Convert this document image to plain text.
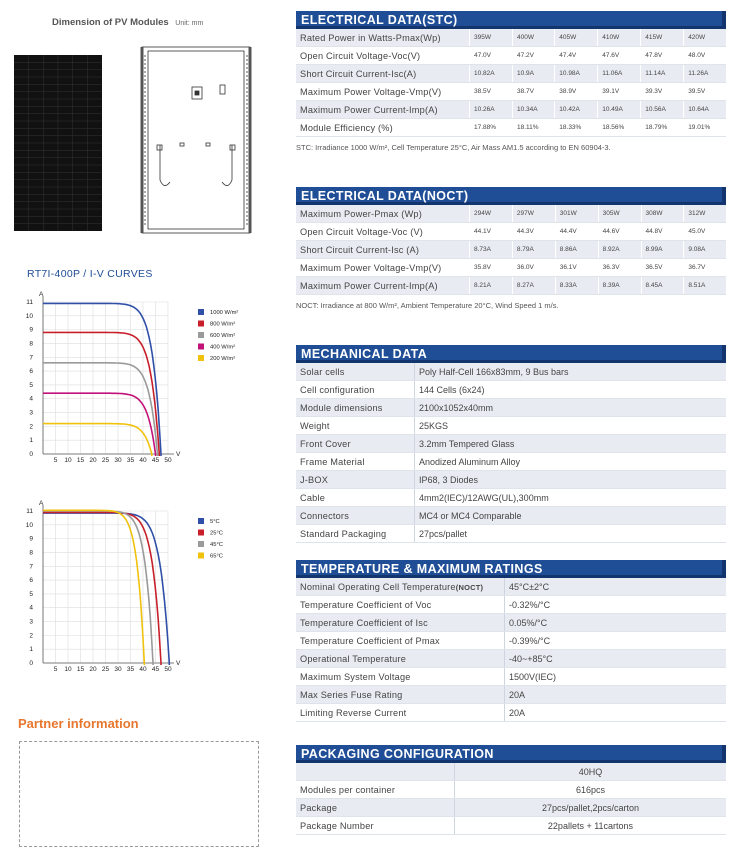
Dimension of PV Modules Unit: mm
RT7I-400P / I-V CURVES
0
1
2
3
4
5
6
7
8
9
10
11
5 10 15 20 25 30 35 40 45 50
A
V
1000 W/m²
800 W/m²
600 W/m²
400 W/m²
200 W/m²
0
1
2
3
4
5
6
7
8
9
10
11
5 10 15 20 25 30 35 40 45 50
A
V
5°C
25°C
45°C
65°C
Partner information
ELECTRICAL DATA(STC)
Rated Power in Watts-Pmax(Wp)	395W	400W	405W	410W	415W	420W
Open Circuit Voltage-Voc(V)	47.0V	47.2V	47.4V	47.6V	47.8V	48.0V
Short Circuit Current-Isc(A)	10.82A	10.9A	10.98A	11.06A	11.14A	11.26A
Maximum Power Voltage-Vmp(V)	38.5V	38.7V	38.9V	39.1V	39.3V	39.5V
Maximum Power Current-Imp(A)	10.26A	10.34A	10.42A	10.49A	10.56A	10.64A
Module Efficiency (%)	17.88%	18.11%	18.33%	18.56%	18.79%	19.01%
STC: Irradiance 1000 W/m², Cell Temperature 25°C, Air Mass AM1.5 according to EN 60904-3.
ELECTRICAL DATA(NOCT)
Maximum Power-Pmax (Wp)	294W	297W	301W	305W	308W	312W
Open Circuit Voltage-Voc (V)	44.1V	44.3V	44.4V	44.6V	44.8V	45.0V
Short Circuit Current-Isc (A)	8.73A	8.79A	8.86A	8.92A	8.99A	9.08A
Maximum Power Voltage-Vmp(V)	35.8V	36.0V	36.1V	36.3V	36.5V	36.7V
Maximum Power Current-Imp(A)	8.21A	8.27A	8.33A	8.39A	8.45A	8.51A
NOCT: Irradiance at 800 W/m², Ambient Temperature 20°C, Wind Speed 1 m/s.
MECHANICAL DATA
Solar cells	Poly Half-Cell 166x83mm, 9 Bus bars
Cell configuration	144 Cells (6x24)
Module dimensions	2100x1052x40mm
Weight	25KGS
Front Cover	3.2mm Tempered Glass
Frame Material	Anodized Aluminum Alloy
J-BOX	IP68, 3 Diodes
Cable	4mm2(IEC)/12AWG(UL),300mm
Connectors	MC4 or MC4 Comparable
Standard Packaging	27pcs/pallet
TEMPERATURE & MAXIMUM RATINGS
Nominal Operating Cell Temperature(NOCT)	45°C±2°C
Temperature Coefficient of Voc	-0.32%/°C
Temperature Coefficient of Isc	0.05%/°C
Temperature Coefficient of Pmax	-0.39%/°C
Operational Temperature	-40~+85°C
Maximum System Voltage	1500V(IEC)
Max Series Fuse Rating	20A
Limiting Reverse Current	20A
PACKAGING CONFIGURATION
	40HQ
Modules per container	616pcs
Package	27pcs/pallet,2pcs/carton
Package Number	22pallets + 11cartons
